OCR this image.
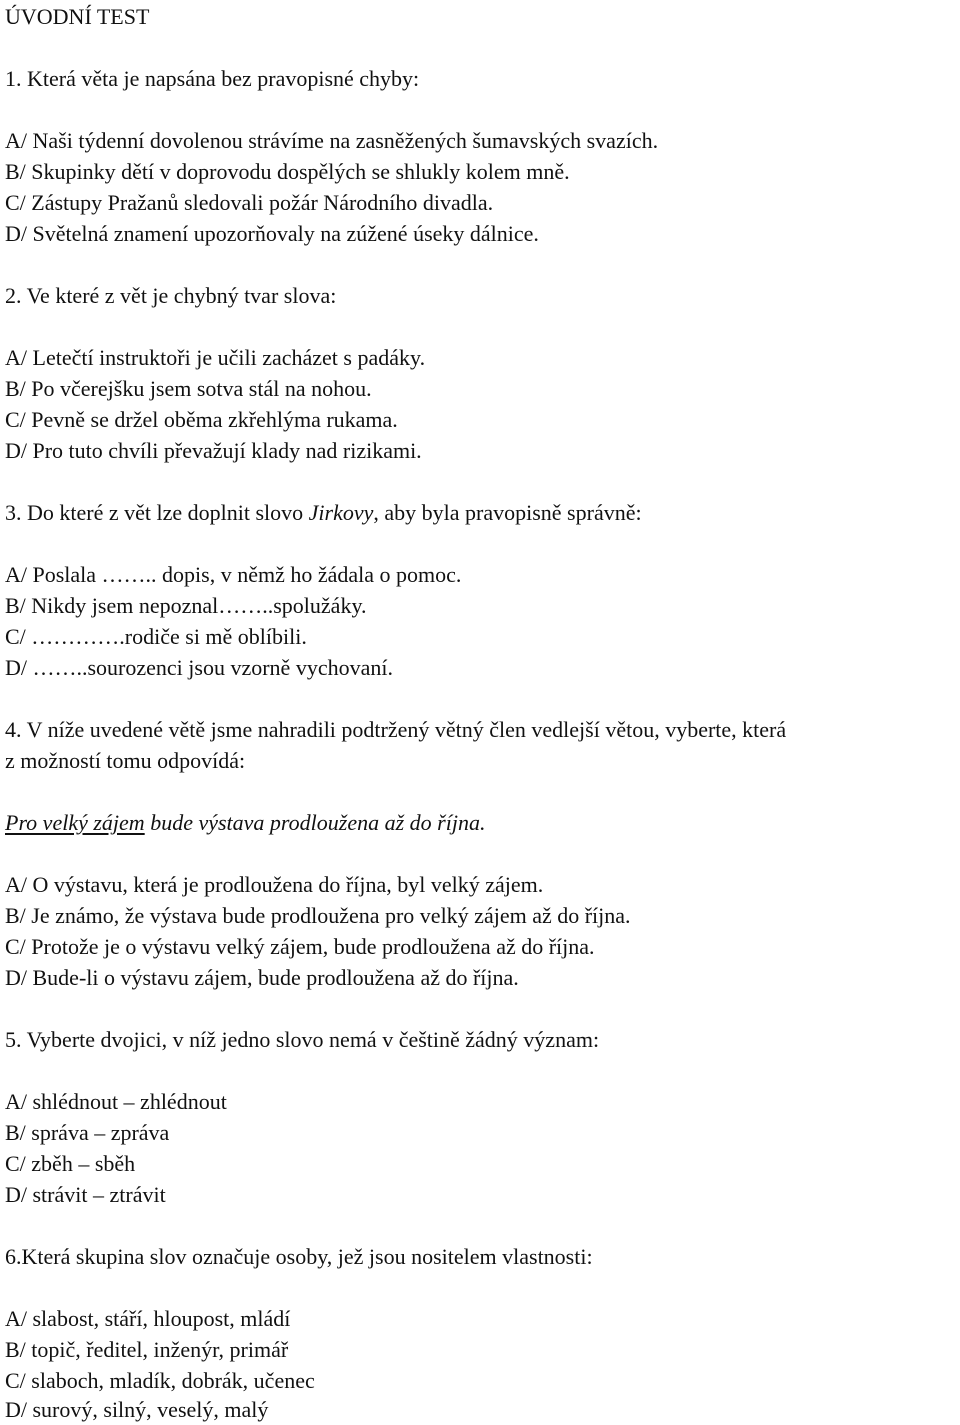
ÚVODNÍ TEST
1. Která věta je napsána bez pravopisné chyby:
A/ Naši týdenní dovolenou strávíme na zasněžených šumavských svazích.
B/ Skupinky dětí v doprovodu dospělých se shlukly kolem mně.
C/ Zástupy Pražanů sledovali požár Národního divadla.
D/ Světelná znamení upozorňovaly na zúžené úseky dálnice.
2. Ve které z vět je chybný tvar slova:
A/ Letečtí instruktoři je učili zacházet s padáky.
B/ Po včerejšku jsem sotva stál na nohou.
C/ Pevně se držel oběma zkřehlýma rukama.
D/ Pro tuto chvíli převažují klady nad rizikami.
3. Do které z vět lze doplnit slovo Jirkovy, aby byla pravopisně správně:
A/ Poslala …….. dopis, v němž ho žádala o pomoc.
B/ Nikdy jsem nepoznal……..spolužáky.
C/ ………….rodiče si mě oblíbili.
D/ ……..sourozenci jsou vzorně vychovaní.
4. V níže uvedené větě jsme nahradili podtržený větný člen vedlejší větou, vyberte, která
z možností tomu odpovídá:
Pro velký zájem bude výstava prodloužena až do října.
A/ O výstavu, která je prodloužena do října, byl velký zájem.
B/ Je známo, že výstava bude prodloužena pro velký zájem až do října.
C/ Protože je o výstavu velký zájem, bude prodloužena až do října.
D/ Bude-li o výstavu zájem, bude prodloužena až do října.
5. Vyberte dvojici, v níž jedno slovo nemá v češtině žádný význam:
A/ shlédnout – zhlédnout
B/ správa – zpráva
C/ zběh – sběh
D/ strávit – ztrávit
6.Která skupina slov označuje osoby, jež jsou nositelem vlastnosti:
A/ slabost, stáří, hloupost, mládí
B/ topič, ředitel, inženýr, primář
C/ slaboch, mladík, dobrák, učenec
D/ surový, silný, veselý, malý
